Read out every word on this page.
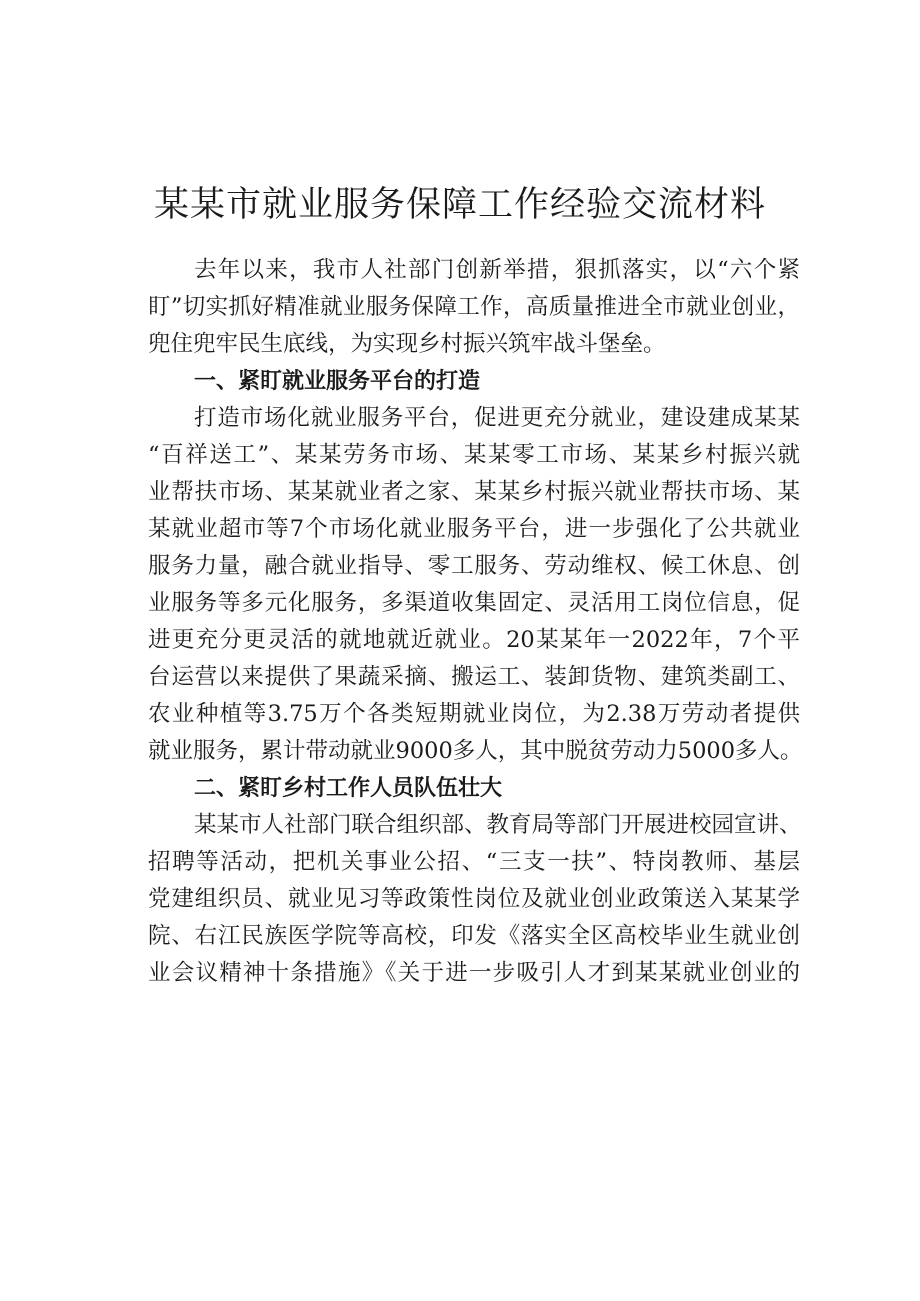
某某市就业服务保障工作经验交流材料
去年以来，我市人社部门创新举措，狠抓落实，以“六个紧
盯”切实抓好精准就业服务保障工作，高质量推进全市就业创业，
兜住兜牢民生底线，为实现乡村振兴筑牢战斗堡垒。
一、紧盯就业服务平台的打造
打造市场化就业服务平台，促进更充分就业，建设建成某某
“百祥送工”、某某劳务市场、某某零工市场、某某乡村振兴就
业帮扶市场、某某就业者之家、某某乡村振兴就业帮扶市场、某
某就业超市等7个市场化就业服务平台，进一步强化了公共就业
服务力量，融合就业指导、零工服务、劳动维权、候工休息、创
业服务等多元化服务，多渠道收集固定、灵活用工岗位信息，促
进更充分更灵活的就地就近就业。20某某年一2022年，7个平
台运营以来提供了果蔬采摘、搬运工、装卸货物、建筑类副工、
农业种植等3.75万个各类短期就业岗位，为2.38万劳动者提供
就业服务，累计带动就业9000多人，其中脱贫劳动力5000多人。
二、紧盯乡村工作人员队伍壮大
某某市人社部门联合组织部、教育局等部门开展进校园宣讲、
招聘等活动，把机关事业公招、“三支一扶”、特岗教师、基层
党建组织员、就业见习等政策性岗位及就业创业政策送入某某学
院、右江民族医学院等高校，印发《落实全区高校毕业生就业创
业会议精神十条措施》《关于进一步吸引人才到某某就业创业的
